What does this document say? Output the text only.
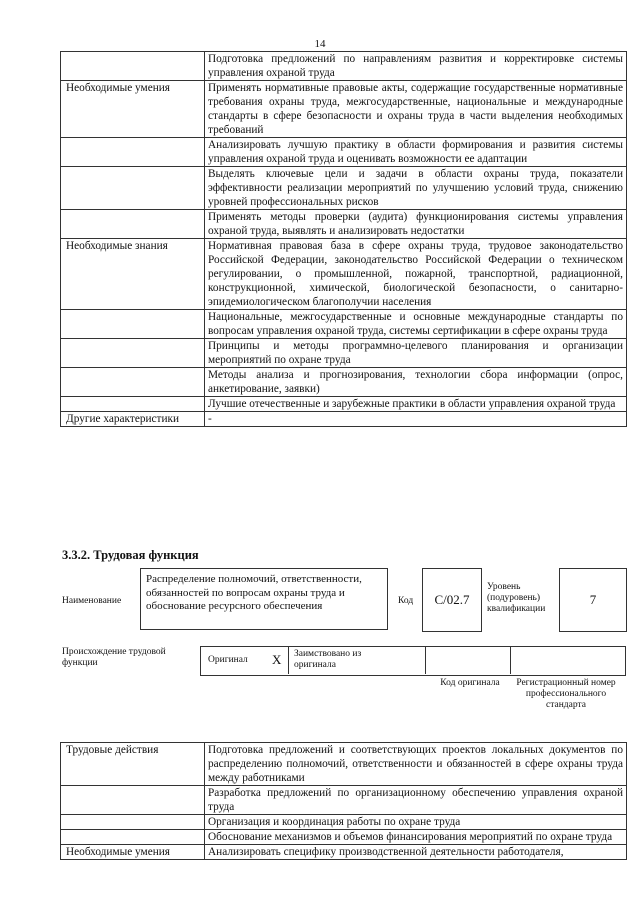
14
	Подготовка предложений по направлениям развития и корректировке системы управления охраной труда
Необходимые умения	Применять нормативные правовые акты, содержащие государственные нормативные требования охраны труда, межгосударственные, национальные и международные стандарты в сфере безопасности и охраны труда в части выделения необходимых требований
	Анализировать лучшую практику в области формирования и развития системы управления охраной труда и оценивать возможности ее адаптации
	Выделять ключевые цели и задачи в области охраны труда, показатели эффективности реализации мероприятий по улучшению условий труда, снижению уровней профессиональных рисков
	Применять методы проверки (аудита) функционирования системы управления охраной труда, выявлять и анализировать недостатки
Необходимые знания	Нормативная правовая база в сфере охраны труда, трудовое законодательство Российской Федерации, законодательство Российской Федерации о техническом регулировании, о промышленной, пожарной, транспортной, радиационной, конструкционной, химической, биологической безопасности, о санитарно-эпидемиологическом благополучии населения
	Национальные, межгосударственные и основные международные стандарты по вопросам управления охраной труда, системы сертификации в сфере охраны труда
	Принципы и методы программно-целевого планирования и организации мероприятий по охране труда
	Методы анализа и прогнозирования, технологии сбора информации (опрос, анкетирование, заявки)
	Лучшие отечественные и зарубежные практики в области управления охраной труда
Другие характеристики	-
3.3.2. Трудовая функция
Наименование
Распределение полномочий, ответственности, обязанностей по вопросам охраны труда и обоснование ресурсного обеспечения	Код C/02.7
Уровень (подуровень) квалификации
7
Происхождение трудовой функции	Оригинал X Заимствовано из оригинала
Код оригинала	Регистрационный номер профессионального стандарта
Трудовые действия	Подготовка предложений и соответствующих проектов локальных документов по распределению полномочий, ответственности и обязанностей в сфере охраны труда между работниками
	Разработка предложений по организационному обеспечению управления охраной труда
	Организация и координация работы по охране труда
	Обоснование механизмов и объемов финансирования мероприятий по охране труда
Необходимые умения	Анализировать специфику производственной деятельности работодателя,
